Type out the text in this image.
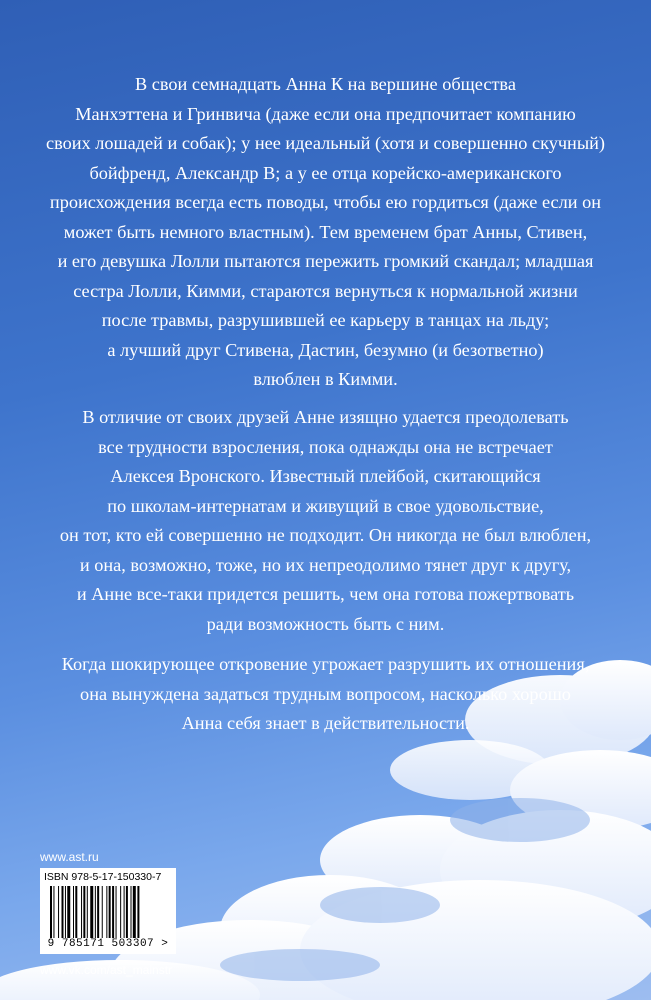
В свои семнадцать Анна К на вершине общества
Манхэттена и Гринвича (даже если она предпочитает компанию
своих лошадей и собак); у нее идеальный (хотя и совершенно скучный)
бойфренд, Александр В; а у ее отца корейско-американского
происхождения всегда есть поводы, чтобы ею гордиться (даже если он
может быть немного властным). Тем временем брат Анны, Стивен,
и его девушка Лолли пытаются пережить громкий скандал; младшая
сестра Лолли, Кимми, стараются вернуться к нормальной жизни
после травмы, разрушившей ее карьеру в танцах на льду;
а лучший друг Стивена, Дастин, безумно (и безответно)
влюблен в Кимми.
В отличие от своих друзей Анне изящно удается преодолевать
все трудности взросления, пока однажды она не встречает
Алексея Вронского. Известный плейбой, скитающийся
по школам-интернатам и живущий в свое удовольствие,
он тот, кто ей совершенно не подходит. Он никогда не был влюблен,
и она, возможно, тоже, но их непреодолимо тянет друг к другу,
и Анне все-таки придется решить, чем она готова пожертвовать
ради возможность быть с ним.
Когда шокирующее откровение угрожает разрушить их отношения,
она вынуждена задаться трудным вопросом, насколько хорошо
Анна себя знает в действительности.
www.ast.ru
ISBN 978-5-17-150330-7
9 785171 503307 >
www.vk.com/ast_mainstr
